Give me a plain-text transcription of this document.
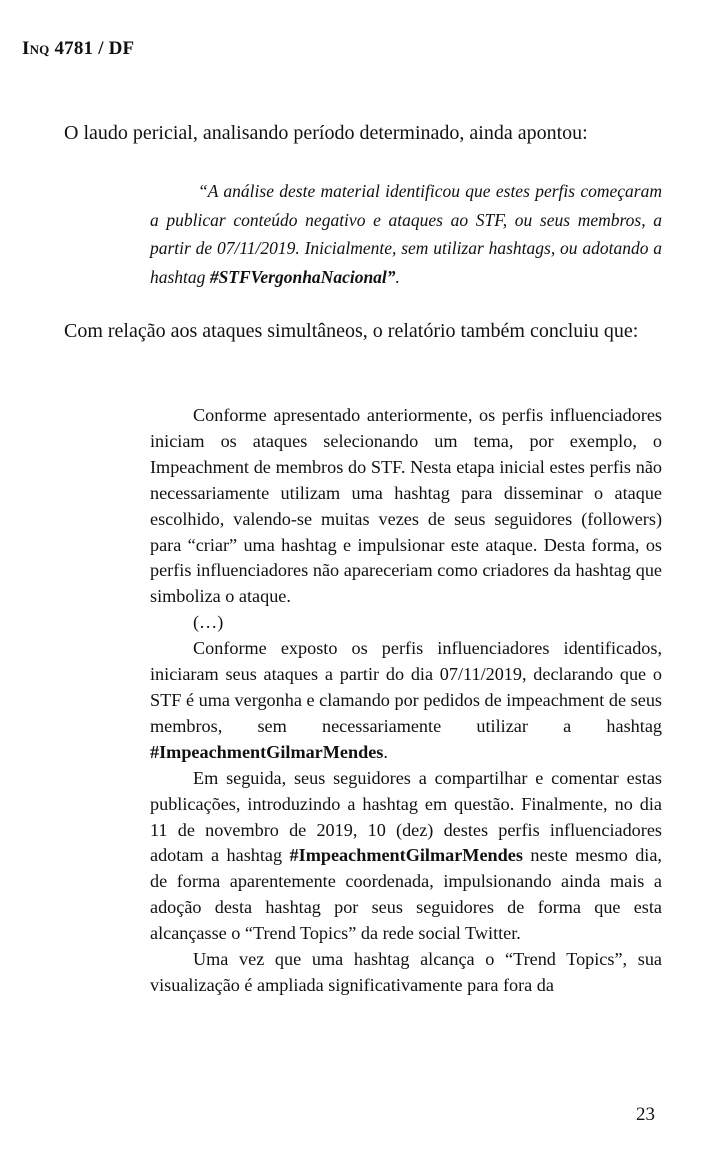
Inq 4781 / DF
O laudo pericial, analisando período determinado, ainda apontou:
“A análise deste material identificou que estes perfis começaram a publicar conteúdo negativo e ataques ao STF, ou seus membros, a partir de 07/11/2019. Inicialmente, sem utilizar hashtags, ou adotando a hashtag #STFVergonhaNacional”.
Com relação aos ataques simultâneos, o relatório também concluiu que:

Conforme apresentado anteriormente, os perfis influenciadores iniciam os ataques selecionando um tema, por exemplo, o Impeachment de membros do STF. Nesta etapa inicial estes perfis não necessariamente utilizam uma hashtag para disseminar o ataque escolhido, valendo-se muitas vezes de seus seguidores (followers) para “criar” uma hashtag e impulsionar este ataque. Desta forma, os perfis influenciadores não apareceriam como criadores da hashtag que simboliza o ataque.

(…)

Conforme exposto os perfis influenciadores identificados, iniciaram seus ataques a partir do dia 07/11/2019, declarando que o STF é uma vergonha e clamando por pedidos de impeachment de seus membros, sem necessariamente utilizar a hashtag #ImpeachmentGilmarMendes.

Em seguida, seus seguidores a compartilhar e comentar estas publicações, introduzindo a hashtag em questão. Finalmente, no dia 11 de novembro de 2019, 10 (dez) destes perfis influenciadores adotam a hashtag #ImpeachmentGilmarMendes neste mesmo dia, de forma aparentemente coordenada, impulsionando ainda mais a adoção desta hashtag por seus seguidores de forma que esta alcançasse o “Trend Topics” da rede social Twitter.

Uma vez que uma hashtag alcança o “Trend Topics”, sua visualização é ampliada significativamente para fora da

23
